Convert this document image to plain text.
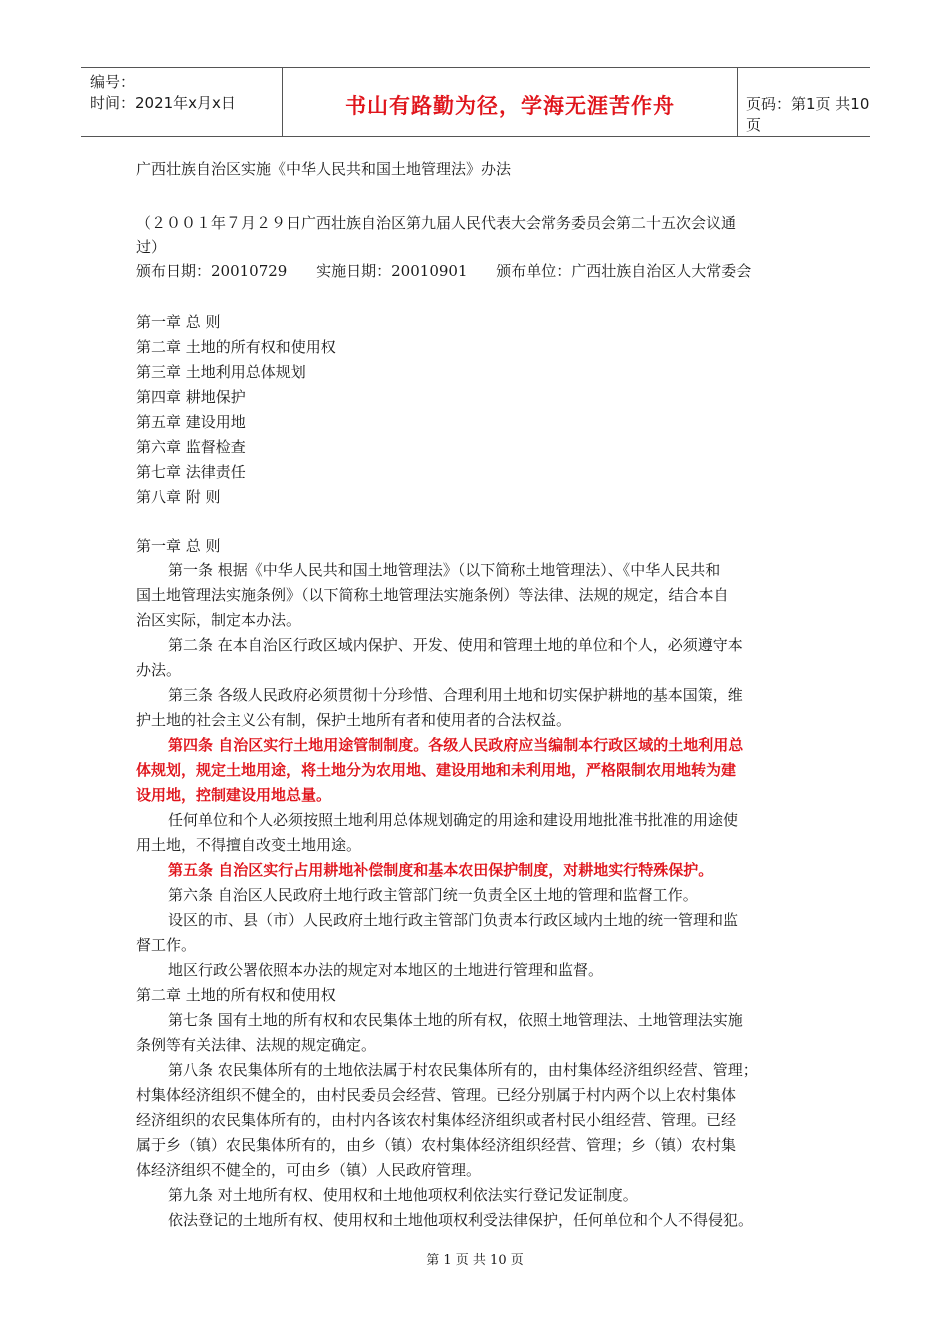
编号：
时间：2021年x月x日	书山有路勤为径，学海无涯苦作舟	页码：第1页 共10页
广西壮族自治区实施《中华人民共和国土地管理法》办法
（２００１年７月２９日广西壮族自治区第九届人民代表大会常务委员会第二十五次会议通
过）
颁布日期：20010729 实施日期：20010901 颁布单位：广西壮族自治区人大常委会
第一章 总 则
第二章 土地的所有权和使用权
第三章 土地利用总体规划
第四章 耕地保护
第五章 建设用地
第六章 监督检查
第七章 法律责任
第八章 附 则
第一章 总 则
第一条 根据《中华人民共和国土地管理法》（以下简称土地管理法）、《中华人民共和
国土地管理法实施条例》（以下简称土地管理法实施条例）等法律、法规的规定，结合本自
治区实际，制定本办法。
第二条 在本自治区行政区域内保护、开发、使用和管理土地的单位和个人，必须遵守本
办法。
第三条 各级人民政府必须贯彻十分珍惜、合理利用土地和切实保护耕地的基本国策，维
护土地的社会主义公有制，保护土地所有者和使用者的合法权益。
第四条 自治区实行土地用途管制制度。各级人民政府应当编制本行政区域的土地利用总
体规划，规定土地用途，将土地分为农用地、建设用地和未利用地，严格限制农用地转为建
设用地，控制建设用地总量。
任何单位和个人必须按照土地利用总体规划确定的用途和建设用地批准书批准的用途使
用土地，不得擅自改变土地用途。
第五条 自治区实行占用耕地补偿制度和基本农田保护制度，对耕地实行特殊保护。
第六条 自治区人民政府土地行政主管部门统一负责全区土地的管理和监督工作。
设区的市、县（市）人民政府土地行政主管部门负责本行政区域内土地的统一管理和监
督工作。
地区行政公署依照本办法的规定对本地区的土地进行管理和监督。
第二章 土地的所有权和使用权
第七条 国有土地的所有权和农民集体土地的所有权，依照土地管理法、土地管理法实施
条例等有关法律、法规的规定确定。
第八条 农民集体所有的土地依法属于村农民集体所有的，由村集体经济组织经营、管理；
村集体经济组织不健全的，由村民委员会经营、管理。已经分别属于村内两个以上农村集体
经济组织的农民集体所有的，由村内各该农村集体经济组织或者村民小组经营、管理。已经
属于乡（镇）农民集体所有的，由乡（镇）农村集体经济组织经营、管理；乡（镇）农村集
体经济组织不健全的，可由乡（镇）人民政府管理。
第九条 对土地所有权、使用权和土地他项权利依法实行登记发证制度。
依法登记的土地所有权、使用权和土地他项权利受法律保护，任何单位和个人不得侵犯。
第 1 页 共 10 页
